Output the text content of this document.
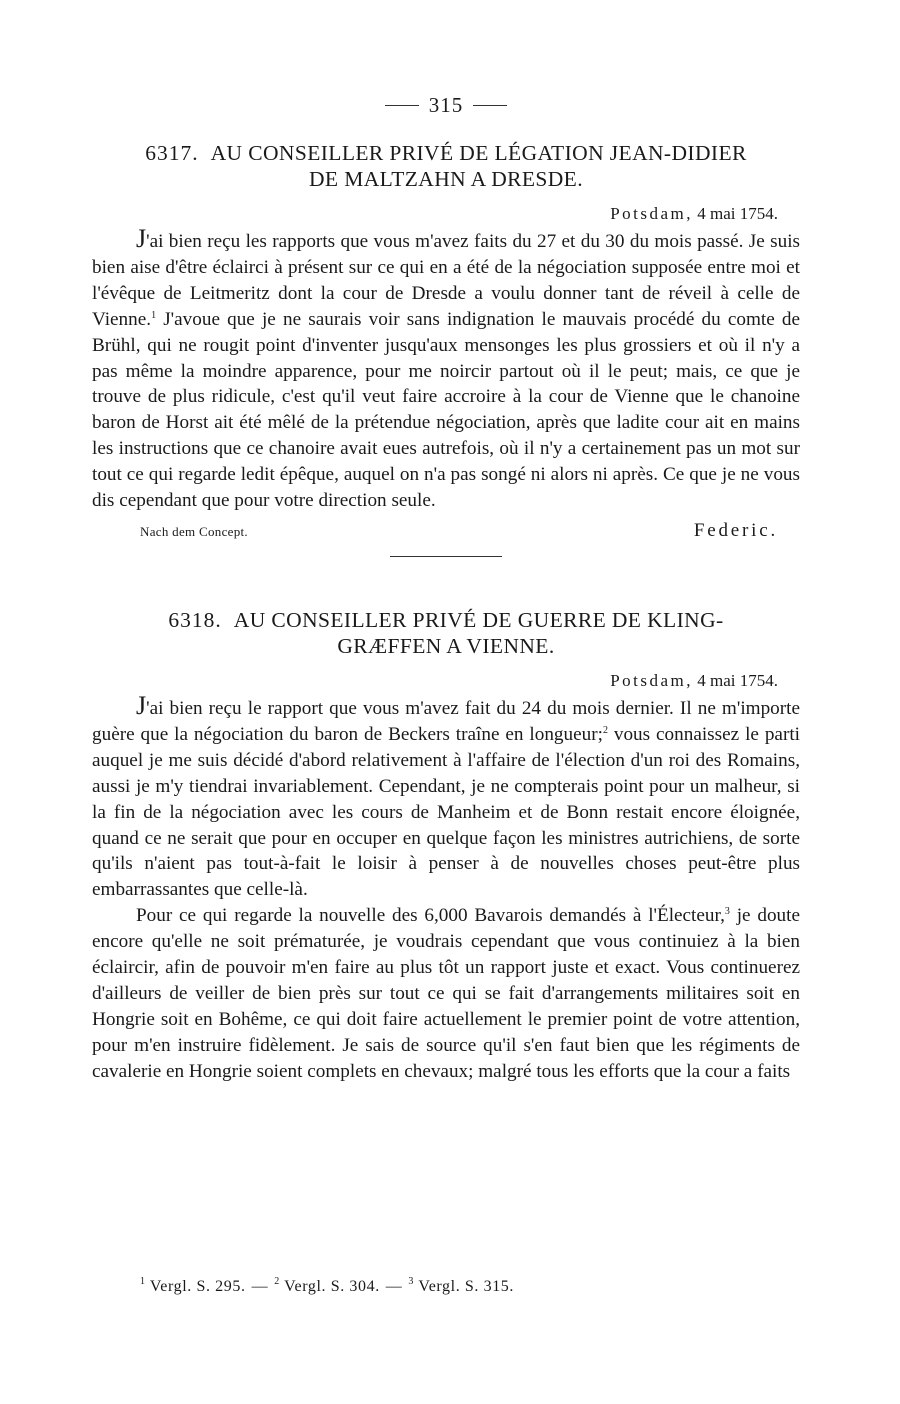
315
6317. AU CONSEILLER PRIVÉ DE LÉGATION JEAN-DIDIER
DE MALTZAHN A DRESDE.
Potsdam, 4 mai 1754.

J'ai bien reçu les rapports que vous m'avez faits du 27 et du 30 du mois passé. Je suis bien aise d'être éclairci à présent sur ce qui en a été de la négociation supposée entre moi et l'évêque de Leitmeritz dont la cour de Dresde a voulu donner tant de réveil à celle de Vienne.$^1$ J'avoue que je ne saurais voir sans indignation le mauvais procédé du comte de Brühl, qui ne rougit point d'inventer jusqu'aux mensonges les plus grossiers et où il n'y a pas même la moindre apparence, pour me noircir partout où il le peut; mais, ce que je trouve de plus ridicule, c'est qu'il veut faire accroire à la cour de Vienne que le chanoine baron de Horst ait été mêlé de la prétendue négociation, après que ladite cour ait en mains les instructions que ce chanoire avait eues autrefois, où il n'y a certainement pas un mot sur tout ce qui regarde ledit épêque, auquel on n'a pas songé ni alors ni après. Ce que je ne vous dis cependant que pour votre direction seule.

Nach dem Concept.	Federic.
6318. AU CONSEILLER PRIVÉ DE GUERRE DE KLING-
GRÆFFEN A VIENNE.
Potsdam, 4 mai 1754.

J'ai bien reçu le rapport que vous m'avez fait du 24 du mois dernier. Il ne m'importe guère que la négociation du baron de Beckers traîne en longueur;$^2$ vous connaissez le parti auquel je me suis décidé d'abord relativement à l'affaire de l'élection d'un roi des Romains, aussi je m'y tiendrai invariablement. Cependant, je ne compterais point pour un malheur, si la fin de la négociation avec les cours de Manheim et de Bonn restait encore éloignée, quand ce ne serait que pour en occuper en quelque façon les ministres autrichiens, de sorte qu'ils n'aient pas tout-à-fait le loisir à penser à de nouvelles choses peut-être plus embarrassantes que celle-là.

Pour ce qui regarde la nouvelle des 6,000 Bavarois demandés à l'Électeur,$^3$ je doute encore qu'elle ne soit prématurée, je voudrais cependant que vous continuiez à la bien éclaircir, afin de pouvoir m'en faire au plus tôt un rapport juste et exact. Vous continuerez d'ailleurs de veiller de bien près sur tout ce qui se fait d'arrangements militaires soit en Hongrie soit en Bohême, ce qui doit faire actuellement le premier point de votre attention, pour m'en instruire fidèlement. Je sais de source qu'il s'en faut bien que les régiments de cavalerie en Hongrie soient complets en chevaux; malgré tous les efforts que la cour a faits

$^1$ Vergl. S. 295. — $^2$ Vergl. S. 304. — $^3$ Vergl. S. 315.
